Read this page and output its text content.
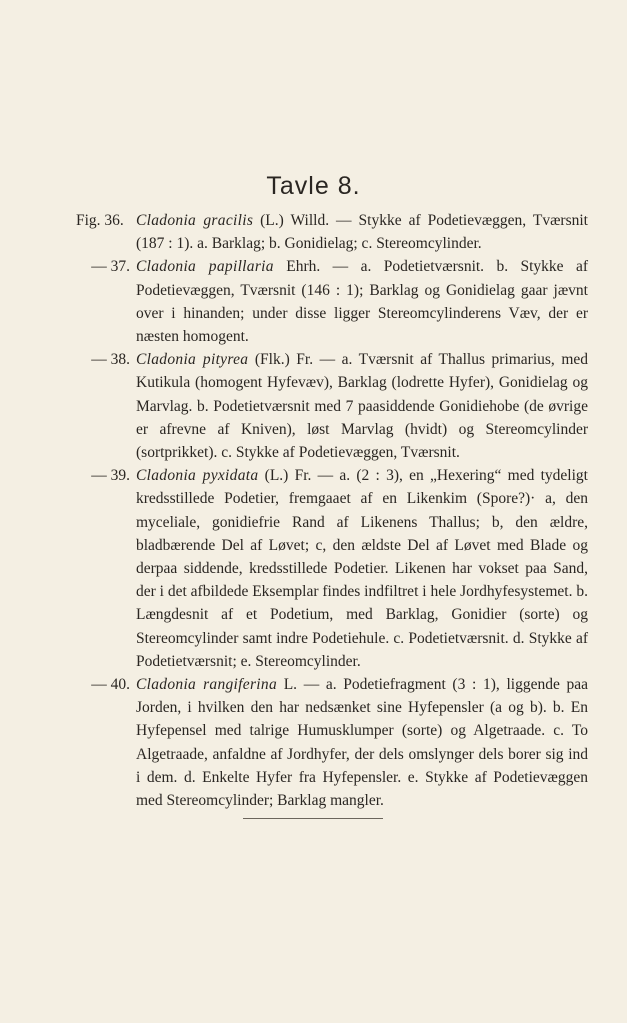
Tavle 8.
Fig. 36. Cladonia gracilis (L.) Willd. — Stykke af Podetievæggen, Tværsnit (187 : 1). a. Barklag; b. Gonidielag; c. Stereomcylinder.
— 37. Cladonia papillaria Ehrh. — a. Podetietværsnit. b. Stykke af Podetievæggen, Tværsnit (146 : 1); Barklag og Gonidielag gaar jævnt over i hinanden; under disse ligger Stereomcylinderens Væv, der er næsten homogent.
— 38. Cladonia pityrea (Flk.) Fr. — a. Tværsnit af Thallus primarius, med Kutikula (homogent Hyfevæv), Barklag (lodrette Hyfer), Gonidielag og Marvlag. b. Podetietværsnit med 7 paasiddende Gonidiehobe (de øvrige er afrevne af Kniven), løst Marvlag (hvidt) og Stereomcylinder (sortprikket). c. Stykke af Podetievæggen, Tværsnit.
— 39. Cladonia pyxidata (L.) Fr. — a. (2 : 3), en „Hexering“ med tydeligt kredsstillede Podetier, fremgaaet af en Likenkim (Spore?)· a, den myceliale, gonidiefrie Rand af Likenens Thallus; b, den ældre, bladbærende Del af Løvet; c, den ældste Del af Løvet med Blade og derpaa siddende, kredsstillede Podetier. Likenen har vokset paa Sand, der i det afbildede Eksemplar findes indfiltret i hele Jordhyfesystemet. b. Længdesnit af et Podetium, med Barklag, Gonidier (sorte) og Stereomcylinder samt indre Podetiehule. c. Podetietværsnit. d. Stykke af Podetietværsnit; e. Stereomcylinder.
— 40. Cladonia rangiferina L. — a. Podetiefragment (3 : 1), liggende paa Jorden, i hvilken den har nedsænket sine Hyfepensler (a og b). b. En Hyfepensel med talrige Humusklumper (sorte) og Algetraade. c. To Algetraade, anfaldne af Jordhyfer, der dels omslynger dels borer sig ind i dem. d. Enkelte Hyfer fra Hyfepensler. e. Stykke af Podetievæggen med Stereomcylinder; Barklag mangler.
